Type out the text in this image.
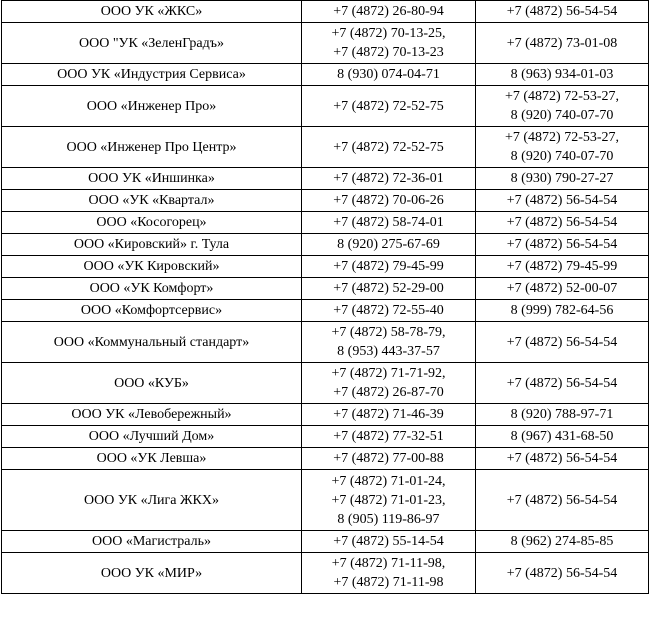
ООО УК «ЖКС»	+7 (4872) 26-80-94	+7 (4872) 56-54-54

ООО "УК «ЗеленГрадъ»	+7 (4872) 70-13-25,
+7 (4872) 70-13-23	+7 (4872) 73-01-08

ООО УК «Индустрия Сервиса»	8 (930) 074-04-71	8 (963) 934-01-03

ООО «Инженер Про»	+7 (4872) 72-52-75	+7 (4872) 72-53-27,
8 (920) 740-07-70

ООО «Инженер Про Центр»	+7 (4872) 72-52-75	+7 (4872) 72-53-27,
8 (920) 740-07-70

ООО УК «Иншинка»	+7 (4872) 72-36-01	8 (930) 790-27-27

ООО «УК «Квартал»	+7 (4872) 70-06-26	+7 (4872) 56-54-54

ООО «Косогорец»	+7 (4872) 58-74-01	+7 (4872) 56-54-54

ООО «Кировский» г. Тула	8 (920) 275-67-69	+7 (4872) 56-54-54

ООО «УК Кировский»	+7 (4872) 79-45-99	+7 (4872) 79-45-99

ООО «УК Комфорт»	+7 (4872) 52-29-00	+7 (4872) 52-00-07

ООО «Комфортсервис»	+7 (4872) 72-55-40	8 (999) 782-64-56

ООО «Коммунальный стандарт»	+7 (4872) 58-78-79,
8 (953) 443-37-57	+7 (4872) 56-54-54

ООО «КУБ»	+7 (4872) 71-71-92,
+7 (4872) 26-87-70	+7 (4872) 56-54-54

ООО УК «Левобережный»	+7 (4872) 71-46-39	8 (920) 788-97-71

ООО «Лучший Дом»	+7 (4872) 77-32-51	8 (967) 431-68-50

ООО «УК Левша»	+7 (4872) 77-00-88	+7 (4872) 56-54-54

ООО УК «Лига ЖКХ»	+7 (4872) 71-01-24,
+7 (4872) 71-01-23,
8 (905) 119-86-97	+7 (4872) 56-54-54

ООО «Магистраль»	+7 (4872) 55-14-54	8 (962) 274-85-85

ООО УК «МИР»	+7 (4872) 71-11-98,
+7 (4872) 71-11-98	+7 (4872) 56-54-54
